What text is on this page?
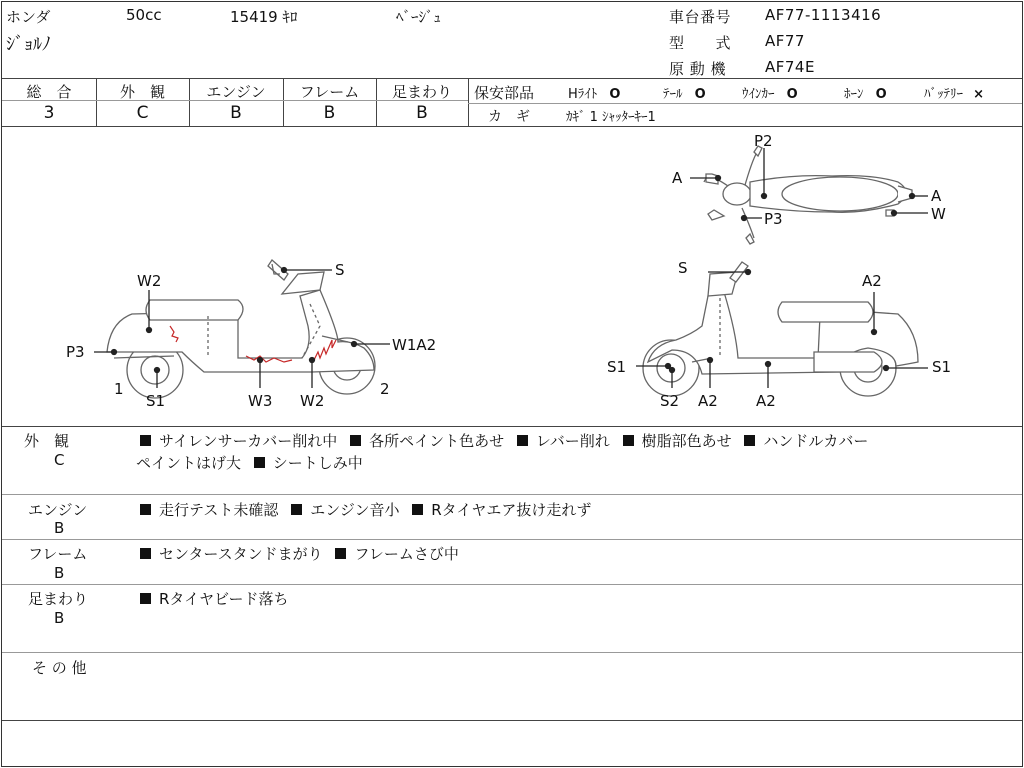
ホンダ	50cc	15419 ｷﾛ	ﾍﾞｰｼﾞｭ
ｼﾞｮﾙﾉ
車台番号 AF77-1113416
型　　式 AF77
原 動 機	AF74E
総　合	外　観	エンジン	フレーム	足まわり
3	C	B	B	B
保安部品	Hﾗｲﾄ O	ﾃｰﾙ O	ｳｲﾝｶｰ O	ﾎｰﾝ O	ﾊﾞｯﾃﾘｰ ×
カ　ギ	ｶｷﾞ 1 ｼｬｯﾀｰｷｰ1
P2
A
A
W
P3
S
W2
P3	W1A2
1
S1	W3 W2
2
S
A2
S1	S1
S2 A2	A2
外　観
C
サイレンサーカバー削れ中 各所ペイント色あせ レバー削れ 樹脂部色あせ ハンドルカバー
ペイントはげ大 シートしみ中
エンジン
B
走行テスト未確認 エンジン音小 Rタイヤエア抜け走れず
フレーム
B
センタースタンドまがり フレームさび中
足まわり
B
Rタイヤビード落ち
そ の 他
